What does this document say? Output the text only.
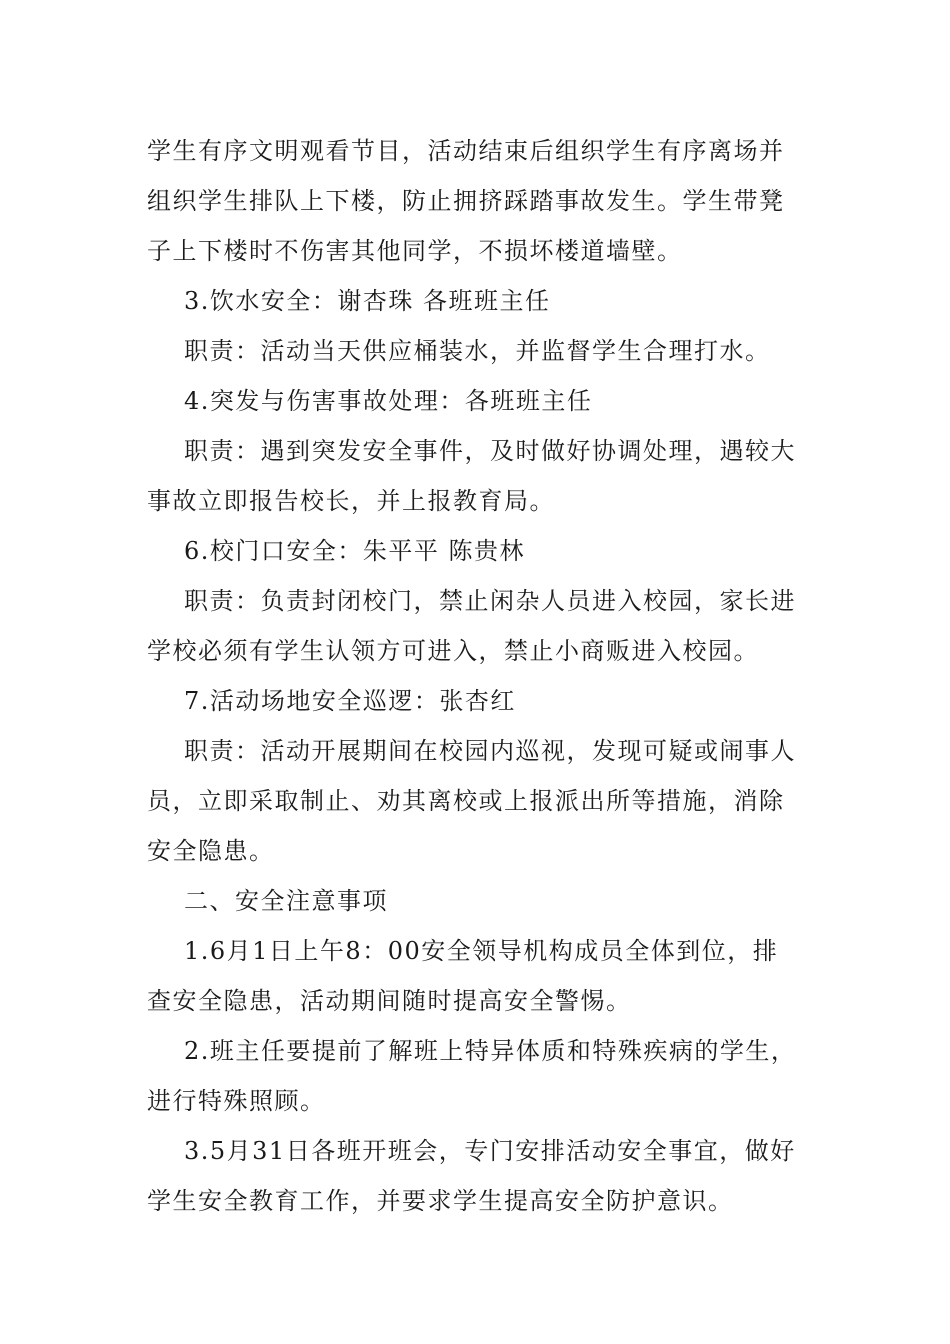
学生有序文明观看节目，活动结束后组织学生有序离场并
组织学生排队上下楼，防止拥挤踩踏事故发生。学生带凳
子上下楼时不伤害其他同学，不损坏楼道墙壁。
3.饮水安全：谢杏珠 各班班主任
职责：活动当天供应桶装水，并监督学生合理打水。
4.突发与伤害事故处理：各班班主任
职责：遇到突发安全事件，及时做好协调处理，遇较大
事故立即报告校长，并上报教育局。
6.校门口安全：朱平平 陈贵林
职责：负责封闭校门，禁止闲杂人员进入校园，家长进
学校必须有学生认领方可进入，禁止小商贩进入校园。
7.活动场地安全巡逻：张杏红
职责：活动开展期间在校园内巡视，发现可疑或闹事人
员，立即采取制止、劝其离校或上报派出所等措施，消除
安全隐患。
二、安全注意事项
1.6月1日上午8：00安全领导机构成员全体到位，排
查安全隐患，活动期间随时提高安全警惕。
2.班主任要提前了解班上特异体质和特殊疾病的学生，
进行特殊照顾。
3.5月31日各班开班会，专门安排活动安全事宜，做好
学生安全教育工作，并要求学生提高安全防护意识。
